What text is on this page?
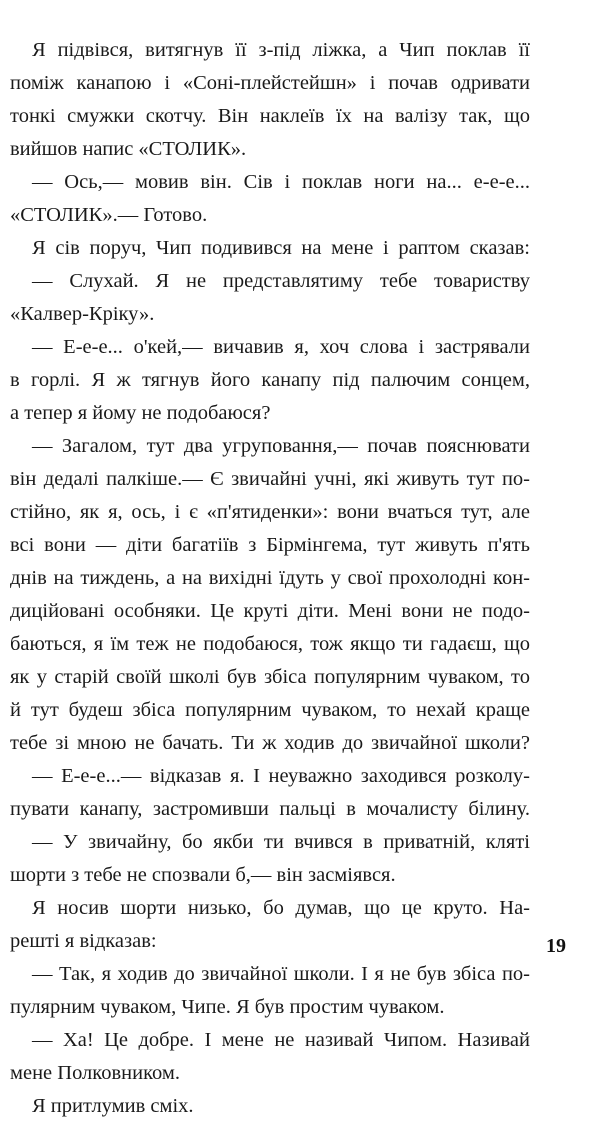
Я підвівся, витягнув її з-під ліжка, а Чип поклав її
поміж канапою і «Соні-плейстейшн» і почав одривати
тонкі смужки скотчу. Він наклеїв їх на валізу так, що
вийшов напис «СТОЛИК».
— Ось,— мовив він. Сів і поклав ноги на... е-е-е...
«СТОЛИК».— Готово.
Я сів поруч, Чип подивився на мене і раптом сказав:
— Слухай. Я не представлятиму тебе товариству
«Калвер-Кріку».
— Е-е-е... о'кей,— вичавив я, хоч слова і застрявали
в горлі. Я ж тягнув його канапу під палючим сонцем,
а тепер я йому не подобаюся?
— Загалом, тут два угруповання,— почав пояснювати
він дедалі палкіше.— Є звичайні учні, які живуть тут по-
стійно, як я, ось, і є «п'ятиденки»: вони вчаться тут, але
всі вони — діти багатіїв з Бірмінгема, тут живуть п'ять
днів на тиждень, а на вихідні їдуть у свої прохолодні кон-
диційовані особняки. Це круті діти. Мені вони не подо-
баються, я їм теж не подобаюся, тож якщо ти гадаєш, що
як у старій своїй школі був збіса популярним чуваком, то
й тут будеш збіса популярним чуваком, то нехай краще
тебе зі мною не бачать. Ти ж ходив до звичайної школи?
— Е-е-е...— відказав я. І неуважно заходився розколу-
пувати канапу, застромивши пальці в мочалисту білину.
— У звичайну, бо якби ти вчився в приватній, кляті
шорти з тебе не спозвали б,— він засміявся.
Я носив шорти низько, бо думав, що це круто. На-
решті я відказав:
— Так, я ходив до звичайної школи. І я не був збіса по-
пулярним чуваком, Чипе. Я був простим чуваком.
— Ха! Це добре. І мене не називай Чипом. Називай
мене Полковником.
Я притлумив сміх.
19
